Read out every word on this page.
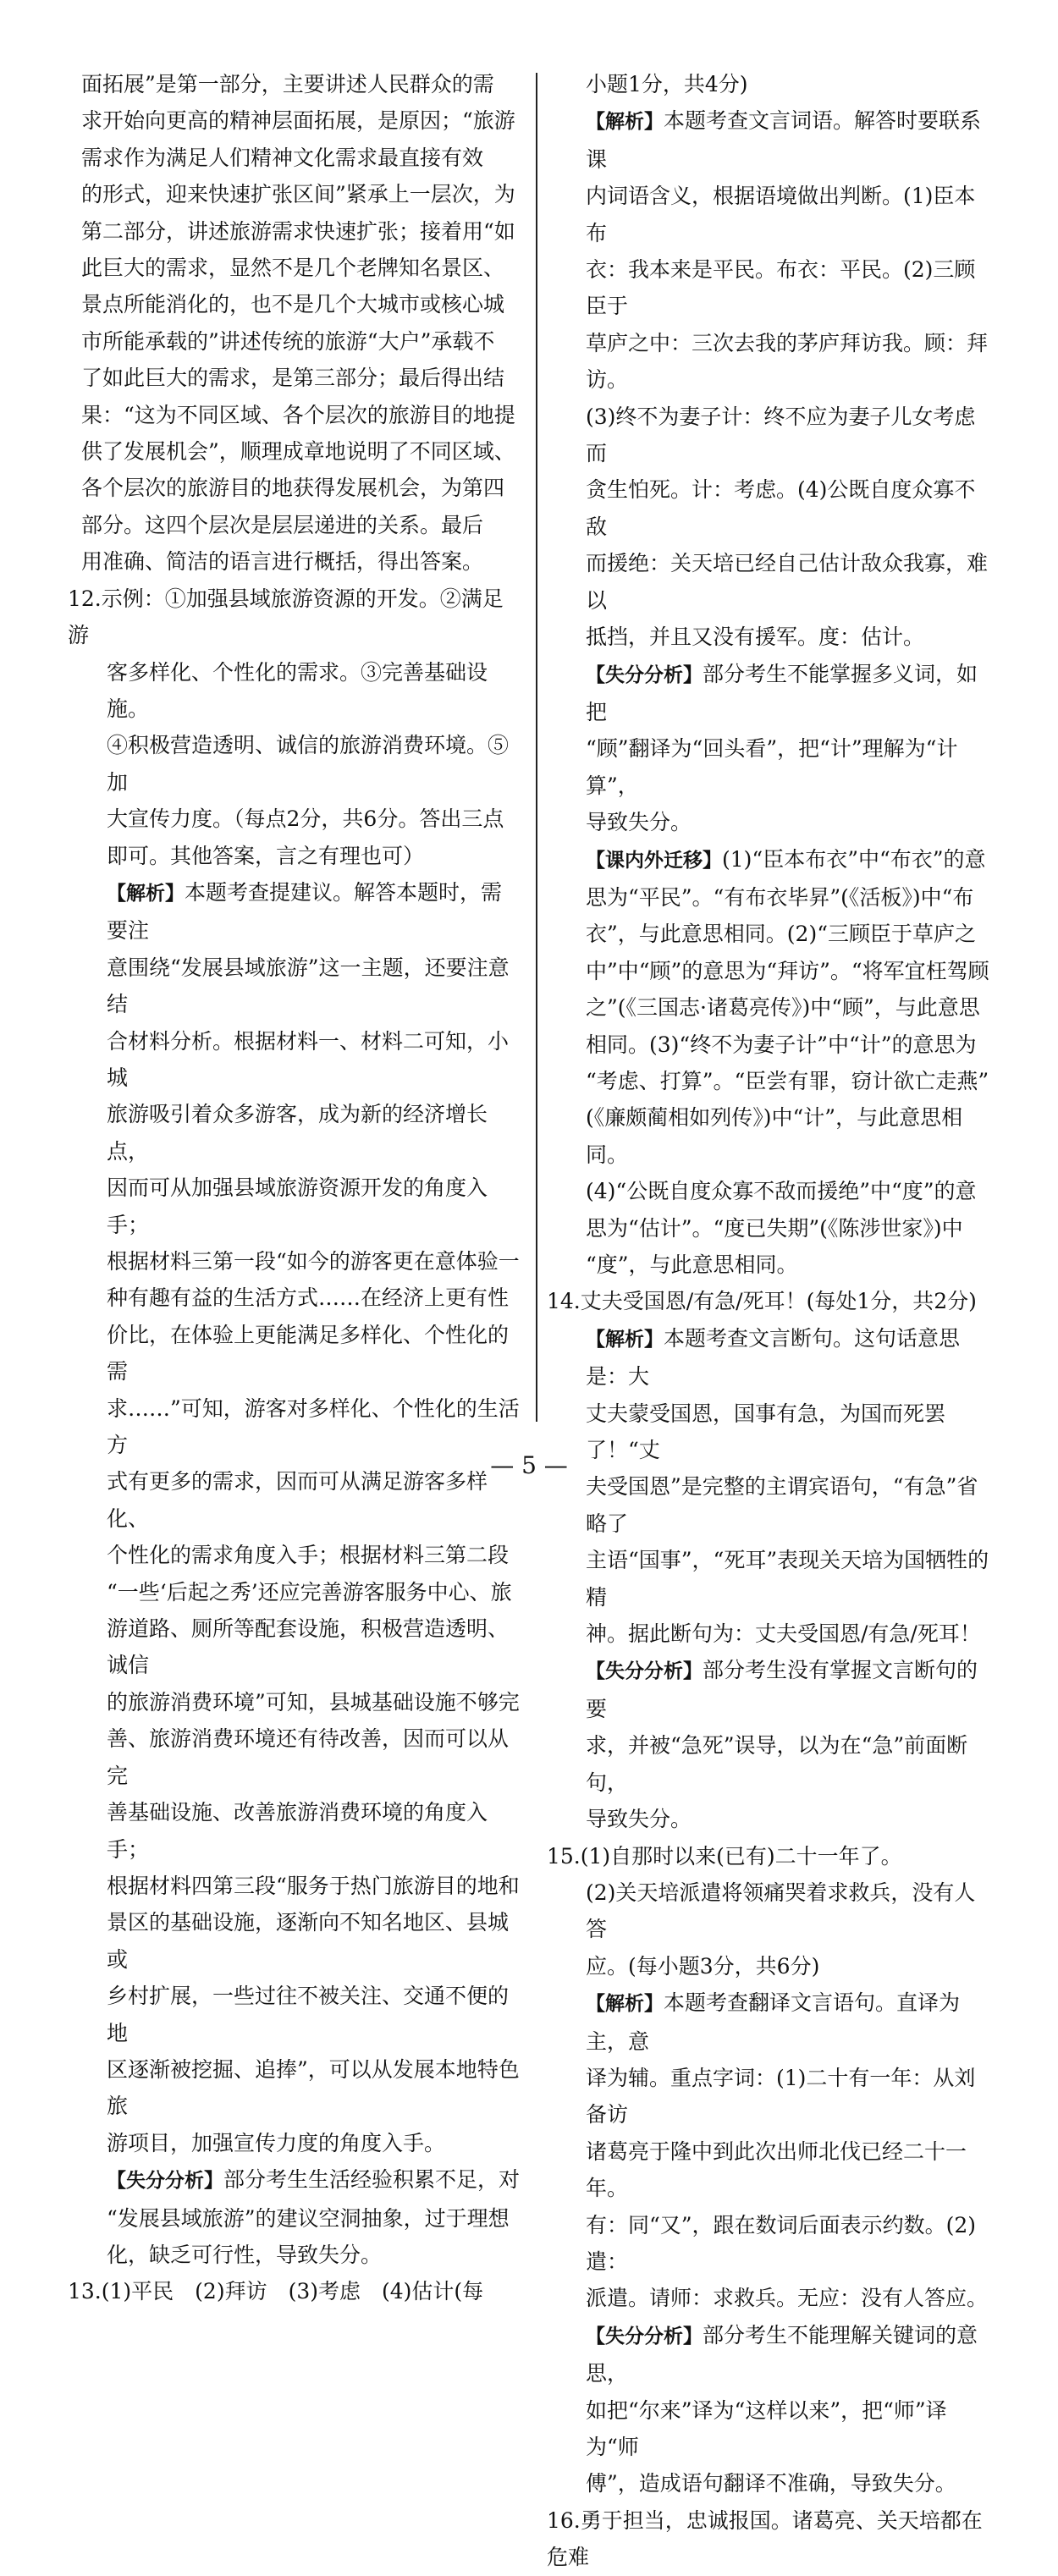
面拓展”是第一部分，主要讲述人民群众的需

求开始向更高的精神层面拓展，是原因；“旅游

需求作为满足人们精神文化需求最直接有效

的形式，迎来快速扩张区间”紧承上一层次，为

第二部分，讲述旅游需求快速扩张；接着用“如

此巨大的需求，显然不是几个老牌知名景区、

景点所能消化的，也不是几个大城市或核心城

市所能承载的”讲述传统的旅游“大户”承载不

了如此巨大的需求，是第三部分；最后得出结

果：“这为不同区域、各个层次的旅游目的地提

供了发展机会”，顺理成章地说明了不同区域、

各个层次的旅游目的地获得发展机会，为第四

部分。这四个层次是层层递进的关系。最后

用准确、简洁的语言进行概括，得出答案。

12.示例：①加强县域旅游资源的开发。②满足游

客多样化、个性化的需求。③完善基础设施。

④积极营造透明、诚信的旅游消费环境。⑤加

大宣传力度。（每点2分，共6分。答出三点

即可。其他答案，言之有理也可）

【解析】本题考查提建议。解答本题时，需要注

意围绕“发展县域旅游”这一主题，还要注意结

合材料分析。根据材料一、材料二可知，小城

旅游吸引着众多游客，成为新的经济增长点，

因而可从加强县域旅游资源开发的角度入手；

根据材料三第一段“如今的游客更在意体验一

种有趣有益的生活方式……在经济上更有性

价比，在体验上更能满足多样化、个性化的需

求……”可知，游客对多样化、个性化的生活方

式有更多的需求，因而可从满足游客多样化、

个性化的需求角度入手；根据材料三第二段

“一些‘后起之秀’还应完善游客服务中心、旅

游道路、厕所等配套设施，积极营造透明、诚信

的旅游消费环境”可知，县城基础设施不够完

善、旅游消费环境还有待改善，因而可以从完

善基础设施、改善旅游消费环境的角度入手；

根据材料四第三段“服务于热门旅游目的地和

景区的基础设施，逐渐向不知名地区、县城或

乡村扩展，一些过往不被关注、交通不便的地

区逐渐被挖掘、追捧”，可以从发展本地特色旅

游项目，加强宣传力度的角度入手。

【失分分析】部分考生生活经验积累不足，对

“发展县域旅游”的建议空洞抽象，过于理想

化，缺乏可行性，导致失分。

13.(1)平民　(2)拜访　(3)考虑　(4)估计(每

小题1分，共4分)

【解析】本题考查文言词语。解答时要联系课

内词语含义，根据语境做出判断。(1)臣本布

衣：我本来是平民。布衣：平民。(2)三顾臣于

草庐之中：三次去我的茅庐拜访我。顾：拜访。

(3)终不为妻子计：终不应为妻子儿女考虑而

贪生怕死。计：考虑。(4)公既自度众寡不敌

而援绝：关天培已经自己估计敌众我寡，难以

抵挡，并且又没有援军。度：估计。

【失分分析】部分考生不能掌握多义词，如把

“顾”翻译为“回头看”，把“计”理解为“计算”，

导致失分。

【课内外迁移】(1)“臣本布衣”中“布衣”的意

思为“平民”。“有布衣毕昇”(《活板》)中“布

衣”，与此意思相同。(2)“三顾臣于草庐之

中”中“顾”的意思为“拜访”。“将军宜枉驾顾

之”(《三国志·诸葛亮传》)中“顾”，与此意思

相同。(3)“终不为妻子计”中“计”的意思为

“考虑、打算”。“臣尝有罪，窃计欲亡走燕”

(《廉颇蔺相如列传》)中“计”，与此意思相同。

(4)“公既自度众寡不敌而援绝”中“度”的意

思为“估计”。“度已失期”(《陈涉世家》)中

“度”，与此意思相同。

14.丈夫受国恩/有急/死耳！(每处1分，共2分)

【解析】本题考查文言断句。这句话意思是：大

丈夫蒙受国恩，国事有急，为国而死罢了！“丈

夫受国恩”是完整的主谓宾语句，“有急”省略了

主语“国事”，“死耳”表现关天培为国牺牲的精

神。据此断句为：丈夫受国恩/有急/死耳！

【失分分析】部分考生没有掌握文言断句的要

求，并被“急死”误导，以为在“急”前面断句，

导致失分。

15.(1)自那时以来(已有)二十一年了。

(2)关天培派遣将领痛哭着求救兵，没有人答

应。(每小题3分，共6分)

【解析】本题考查翻译文言语句。直译为主，意

译为辅。重点字词：(1)二十有一年：从刘备访

诸葛亮于隆中到此次出师北伐已经二十一年。

有：同“又”，跟在数词后面表示约数。(2)遣：

派遣。请师：求救兵。无应：没有人答应。

【失分分析】部分考生不能理解关键词的意思，

如把“尔来”译为“这样以来”，把“师”译为“师

傅”，造成语句翻译不准确，导致失分。

16.勇于担当，忠诚报国。诸葛亮、关天培都在危难

— 5 —
